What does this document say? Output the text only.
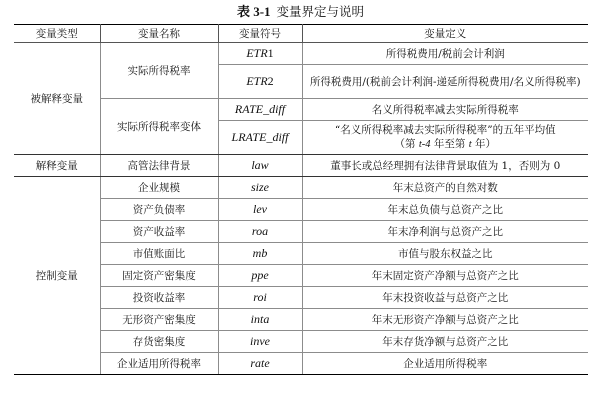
表 3-1 变量界定与说明
变量类型	变量名称	变量符号	变量定义
被解释变量	实际所得税率	ETR1	所得税费用/税前会计利润
		ETR2	所得税费用/(税前会计利润-递延所得税费用/名义所得税率)
	实际所得税率变体	RATE_diff	名义所得税率减去实际所得税率
		LRATE_diff	“名义所得税率减去实际所得税率”的五年平均值
（第 t-4 年至第 t 年）

解释变量	高管法律背景	law	董事长或总经理拥有法律背景取值为 1，否则为 0
控制变量	企业规模	size	年末总资产的自然对数
	资产负债率	lev	年末总负债与总资产之比
	资产收益率	roa	年末净利润与总资产之比
	市值账面比	mb	市值与股东权益之比
	固定资产密集度	ppe	年末固定资产净额与总资产之比
	投资收益率	roi	年末投资收益与总资产之比
	无形资产密集度	inta	年末无形资产净额与总资产之比
	存货密集度	inve	年末存货净额与总资产之比
	企业适用所得税率	rate	企业适用所得税率
